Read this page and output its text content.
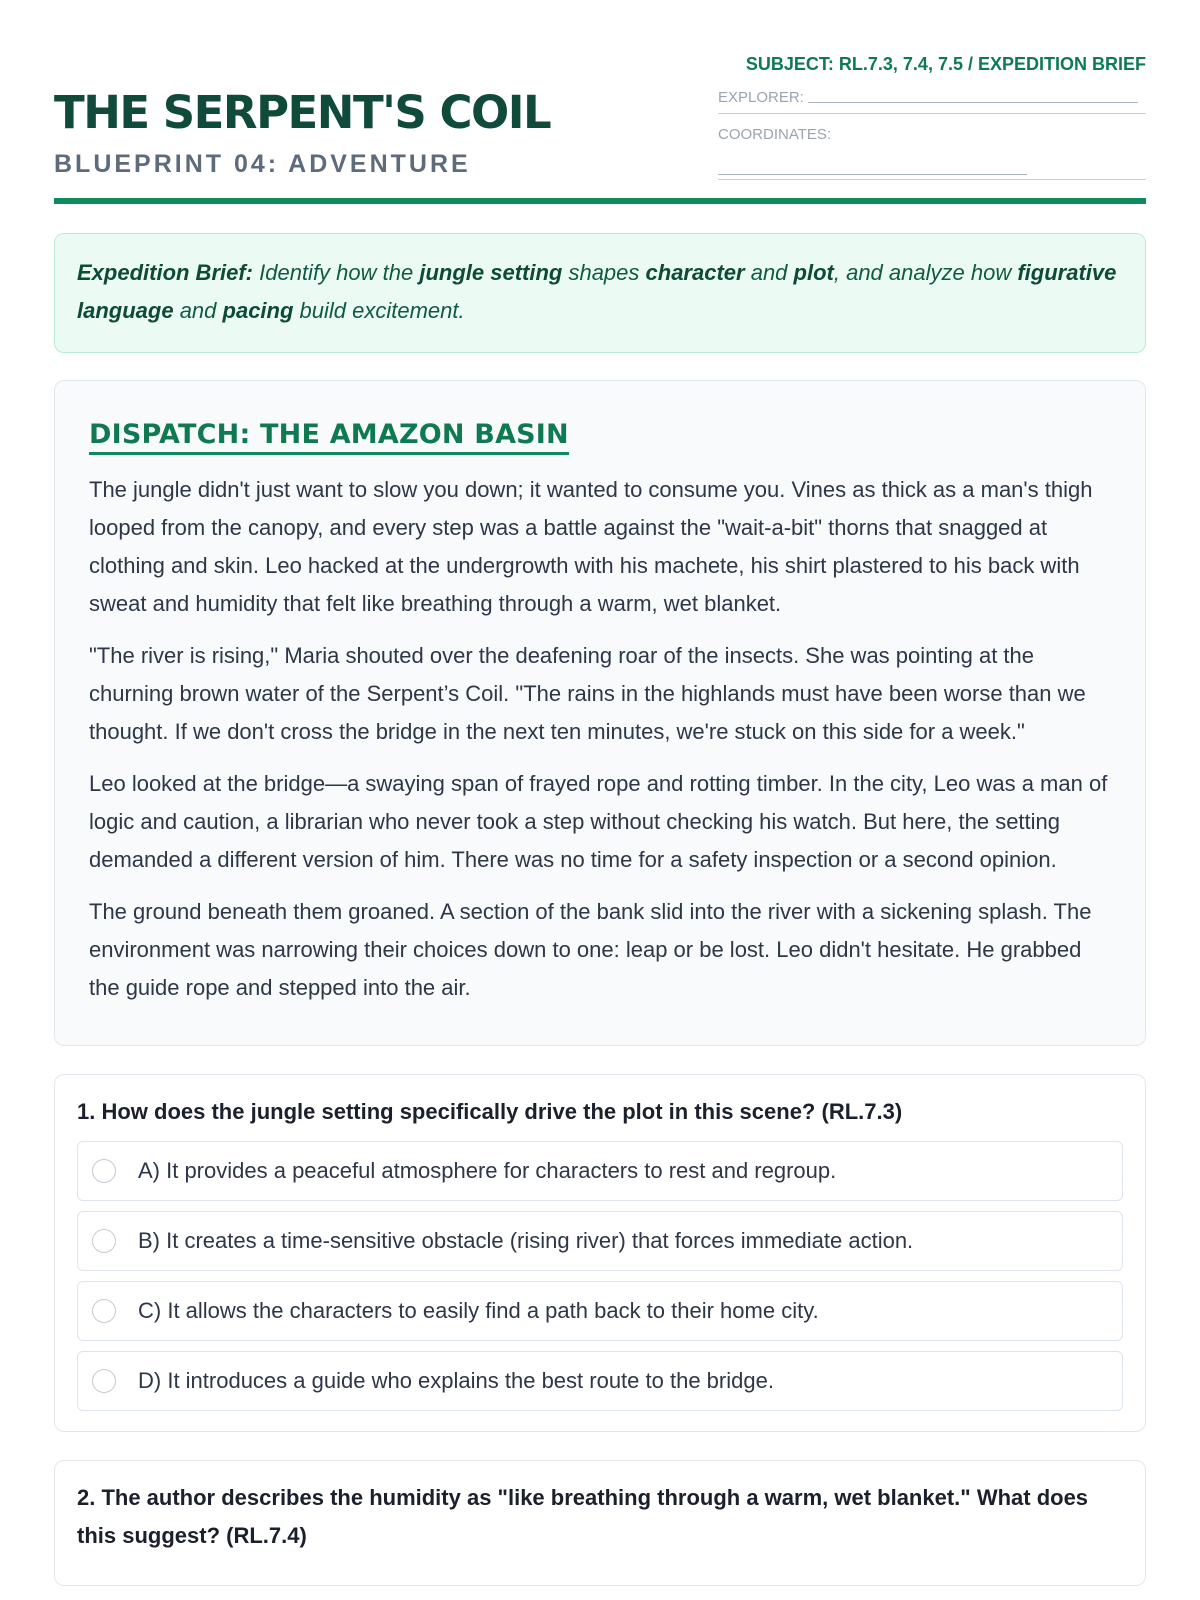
THE SERPENT'S COIL
BLUEPRINT 04: ADVENTURE
SUBJECT: RL.7.3, 7.4, 7.5 / EXPEDITION BRIEF
EXPLORER:
COORDINATES:
Expedition Brief: Identify how the jungle setting shapes character and plot, and analyze how figurative language and pacing build excitement.
DISPATCH: THE AMAZON BASIN

The jungle didn't just want to slow you down; it wanted to consume you. Vines as thick as a man's thigh looped from the canopy, and every step was a battle against the "wait-a-bit" thorns that snagged at clothing and skin. Leo hacked at the undergrowth with his machete, his shirt plastered to his back with sweat and humidity that felt like breathing through a warm, wet blanket.

"The river is rising," Maria shouted over the deafening roar of the insects. She was pointing at the churning brown water of the Serpent’s Coil. "The rains in the highlands must have been worse than we thought. If we don't cross the bridge in the next ten minutes, we're stuck on this side for a week."

Leo looked at the bridge—a swaying span of frayed rope and rotting timber. In the city, Leo was a man of logic and caution, a librarian who never took a step without checking his watch. But here, the setting demanded a different version of him. There was no time for a safety inspection or a second opinion.

The ground beneath them groaned. A section of the bank slid into the river with a sickening splash. The environment was narrowing their choices down to one: leap or be lost. Leo didn't hesitate. He grabbed the guide rope and stepped into the air.

1. How does the jungle setting specifically drive the plot in this scene? (RL.7.3)
A) It provides a peaceful atmosphere for characters to rest and regroup.
B) It creates a time-sensitive obstacle (rising river) that forces immediate action.
C) It allows the characters to easily find a path back to their home city.
D) It introduces a guide who explains the best route to the bridge.
2. The author describes the humidity as "like breathing through a warm, wet blanket." What does this suggest? (RL.7.4)
